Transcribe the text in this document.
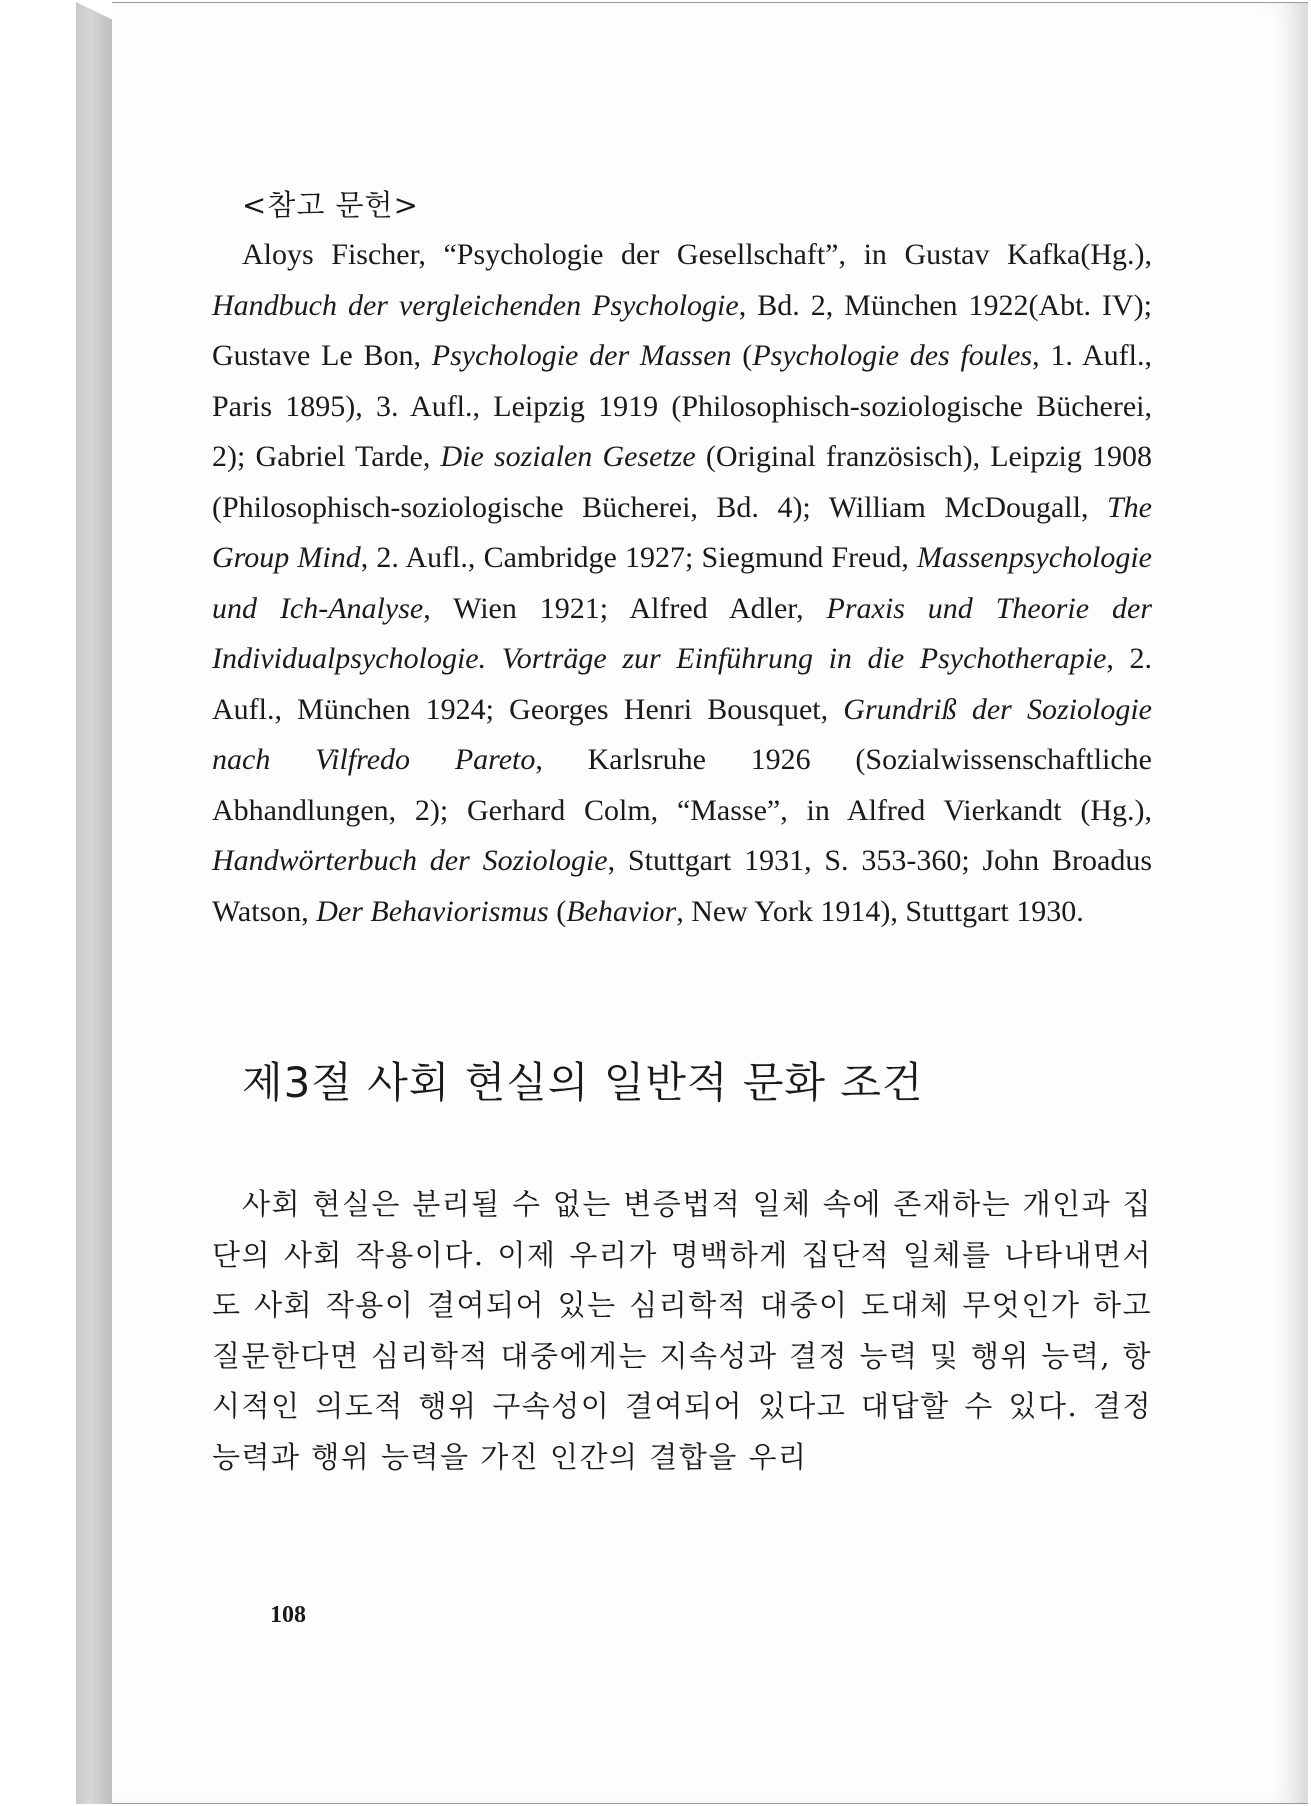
<참고 문헌>

Aloys Fischer, “Psychologie der Gesellschaft”, in Gustav Kafka(Hg.), Handbuch der vergleichenden Psychologie, Bd. 2, München 1922(Abt. IV); Gustave Le Bon, Psychologie der Massen (Psychologie des foules, 1. Aufl., Paris 1895), 3. Aufl., Leipzig 1919 (Philosophisch-soziologische Bücherei, 2); Gabriel Tarde, Die sozialen Gesetze (Original französisch), Leipzig 1908 (Philosophisch-soziologische Bücherei, Bd. 4); William McDougall, The Group Mind, 2. Aufl., Cambridge 1927; Siegmund Freud, Massenpsychologie und Ich-Analyse, Wien 1921; Alfred Adler, Praxis und Theorie der Individualpsychologie. Vorträge zur Einführung in die Psychotherapie, 2. Aufl., München 1924; Georges Henri Bousquet, Grundriß der Soziologie nach Vilfredo Pareto, Karlsruhe 1926 (Sozialwissenschaftliche Abhandlungen, 2); Gerhard Colm, “Masse”, in Alfred Vierkandt (Hg.), Handwörterbuch der Soziologie, Stuttgart 1931, S. 353-360; John Broadus Watson, Der Behaviorismus (Behavior, New York 1914), Stuttgart 1930.

제3절 사회 현실의 일반적 문화 조건

사회 현실은 분리될 수 없는 변증법적 일체 속에 존재하는 개인과 집단의 사회 작용이다. 이제 우리가 명백하게 집단적 일체를 나타내면서도 사회 작용이 결여되어 있는 심리학적 대중이 도대체 무엇인가 하고 질문한다면 심리학적 대중에게는 지속성과 결정 능력 및 행위 능력, 항시적인 의도적 행위 구속성이 결여되어 있다고 대답할 수 있다. 결정 능력과 행위 능력을 가진 인간의 결합을 우리

108
